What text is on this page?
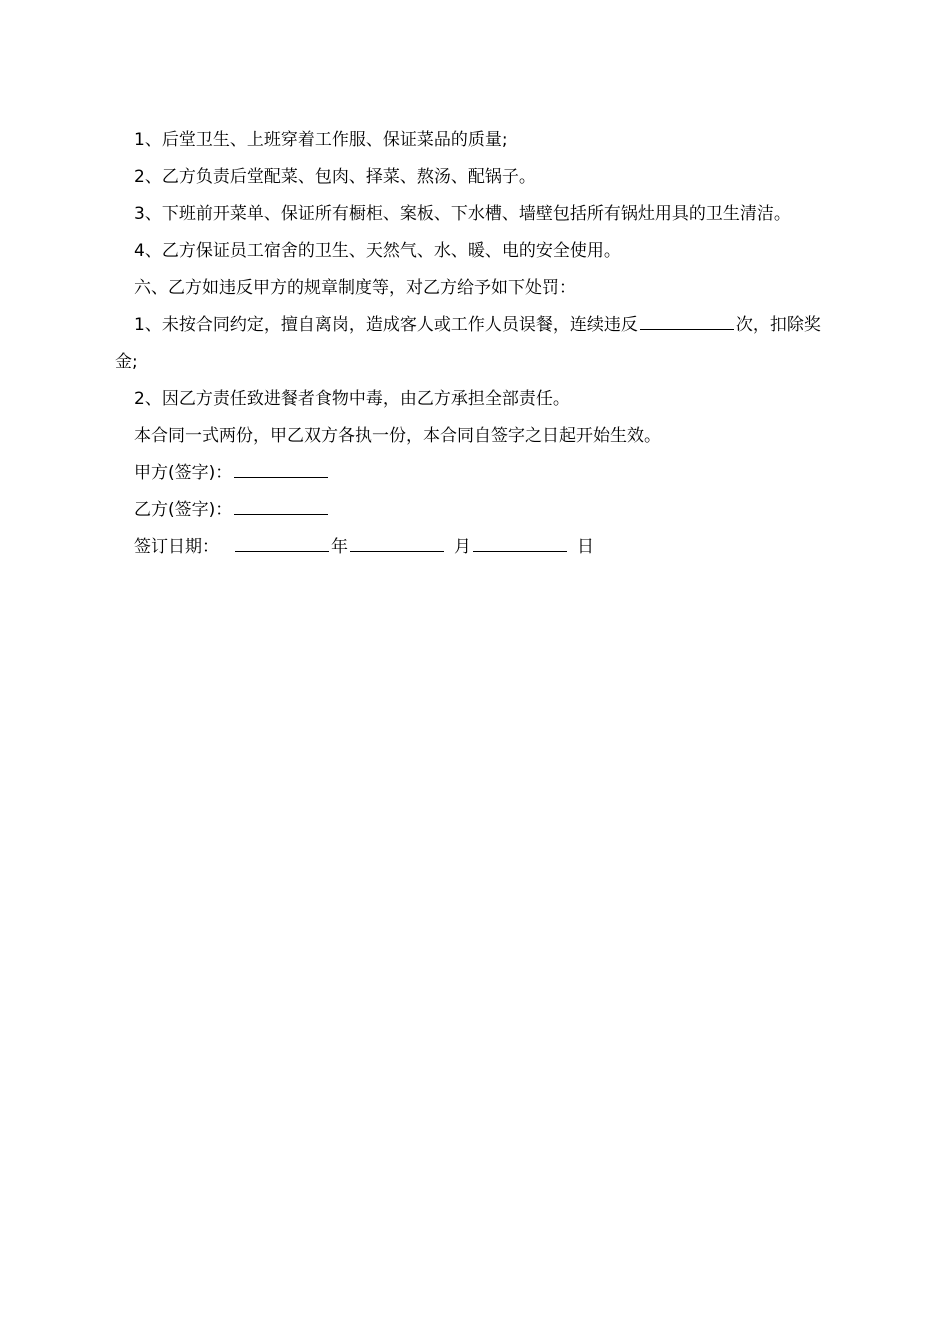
1、后堂卫生、上班穿着工作服、保证菜品的质量;

2、乙方负责后堂配菜、包肉、择菜、熬汤、配锅子。

3、下班前开菜单、保证所有橱柜、案板、下水槽、墙壁包括所有锅灶用具的卫生清洁。

4、乙方保证员工宿舍的卫生、天然气、水、暖、电的安全使用。

六、乙方如违反甲方的规章制度等，对乙方给予如下处罚：

1、未按合同约定，擅自离岗，造成客人或工作人员误餐，连续违反	次，扣除奖金;

2、因乙方责任致进餐者食物中毒，由乙方承担全部责任。

本合同一式两份，甲乙双方各执一份，本合同自签字之日起开始生效。

甲方(签字)：

乙方(签字)：

签订日期：	年	月	日
